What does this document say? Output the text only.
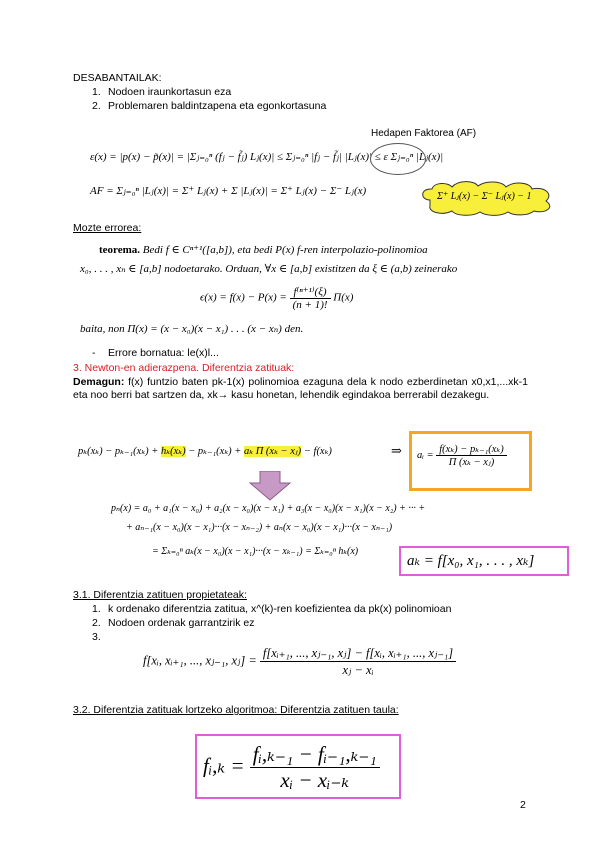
DESABANTAILAK:
1. Nodoen iraunkortasun eza
2. Problemaren baldintzapena eta egonkortasuna
Hedapen Faktorea (AF)
ε(x) = |p(x) − p̃(x)| = |Σⱼ₌₀ⁿ (fⱼ − f̃ⱼ) Lⱼ(x)| ≤ Σⱼ₌₀ⁿ |fⱼ − f̃ⱼ| |Lⱼ(x)| ≤ ε Σⱼ₌₀ⁿ |Lⱼ(x)|
AF = Σⱼ₌₀ⁿ |Lⱼ(x)| = Σ⁺ Lⱼ(x) + Σ |Lⱼ(x)| = Σ⁺ Lⱼ(x) − Σ⁻ Lⱼ(x)	Σ⁺ Lⱼ(x) − Σ⁻ Lⱼ(x) − 1
Mozte errorea:
teorema. Bedi f ∈ Cⁿ⁺¹([a,b]), eta bedi P(x) f-ren interpolazio-polinomioa
x₀, . . . , xₙ ∈ [a,b] nodoetarako. Orduan, ∀x ∈ [a,b] existitzen da ξ ∈ (a,b) zeinerako
$\epsilon(x) = f(x) - P(x) = \frac{\text{f⁽ⁿ⁺¹⁾(ξ)}}{(n + 1)!} \Pi(x)$
baita, non Π(x) = (x − x₀)(x − x₁) . . . (x − xₙ) den.
- Errore bornatua: le(x)l...
3. Newton-en adierazpena. Diferentzia zatituak:
Demagun: f(x) funtzio baten pk-1(x) polinomioa ezaguna dela k nodo ezberdinetan x0,x1,...xk-1 eta noo berri bat sartzen da, xk→ kasu honetan, lehendik egindakoa berrerabil dezakegu.
pₖ(xₖ) − pₖ₋₁(xₖ) + hₖ(xₖ) − pₖ₋₁(xₖ) + aₖ Π (xₖ − xⱼ) − f(xₖ)	⇒ aᵢ = $\frac{\text{f(xₖ) − pₖ₋₁(xₖ)}}{\text{Π (xₖ − xⱼ)}}$
pₙ(x) = a₀ + a₁(x − x₀) + a₂(x − x₀)(x − x₁) + a₃(x − x₀)(x − x₁)(x − x₂) + ··· +
+ aₙ₋₁(x − x₀)(x − x₁)···(x − xₙ₋₂) + aₙ(x − x₀)(x − x₁)···(x − xₙ₋₁)
= Σₖ₌₀ⁿ aₖ(x − x₀)(x − x₁)···(x − xₖ₋₁) = Σₖ₌₀ⁿ hₖ(x)
aₖ = f[x₀, x₁, . . . , xₖ]
3.1. Diferentzia zatituen propietateak:
1. k ordenako diferentzia zatitua, x^(k)-ren koefizientea da pk(x) polinomioan
2. Nodoen ordenak garrantzirik ez
3.
f[xᵢ, xᵢ₊₁, ..., xⱼ₋₁, xⱼ] = $\frac{\text{f[xᵢ₊₁, ..., xⱼ₋₁, xⱼ] − f[xᵢ, xᵢ₊₁, ..., xⱼ₋₁]}}{\text{xⱼ − xᵢ}}$
3.2. Diferentzia zatituak lortzeko algoritmoa: Diferentzia zatituen taula:
fᵢ,ₖ = $\frac{\text{fᵢ,ₖ₋₁ − fᵢ₋₁,ₖ₋₁}}{\text{xᵢ − xᵢ₋ₖ}}$
2
